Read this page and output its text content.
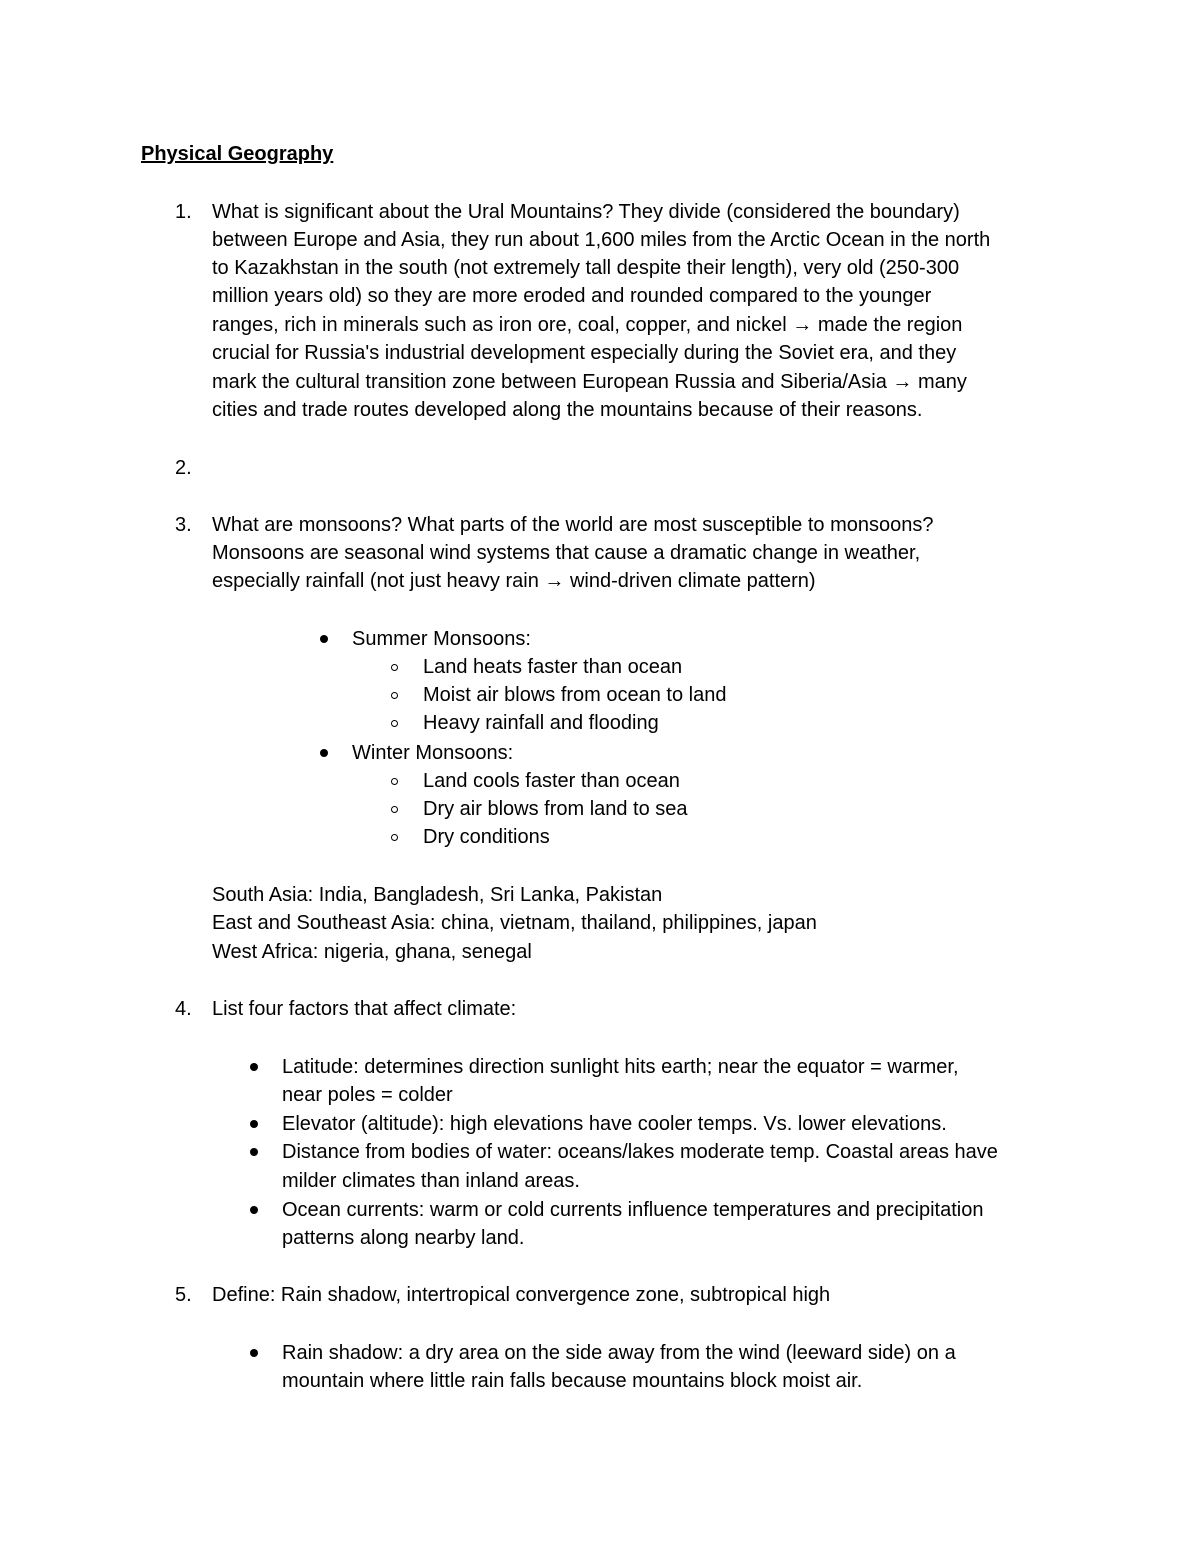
Physical Geography
1. What is significant about the Ural Mountains? They divide (considered the boundary)
between Europe and Asia, they run about 1,600 miles from the Arctic Ocean in the north
to Kazakhstan in the south (not extremely tall despite their length), very old (250-300
million years old) so they are more eroded and rounded compared to the younger
ranges, rich in minerals such as iron ore, coal, copper, and nickel → made the region
crucial for Russia's industrial development especially during the Soviet era, and they
mark the cultural transition zone between European Russia and Siberia/Asia → many
cities and trade routes developed along the mountains because of their reasons.
2.
3. What are monsoons? What parts of the world are most susceptible to monsoons?
Monsoons are seasonal wind systems that cause a dramatic change in weather,
especially rainfall (not just heavy rain → wind-driven climate pattern)
Summer Monsoons:
Land heats faster than ocean
Moist air blows from ocean to land
Heavy rainfall and flooding
Winter Monsoons:
Land cools faster than ocean
Dry air blows from land to sea
Dry conditions
South Asia: India, Bangladesh, Sri Lanka, Pakistan
East and Southeast Asia: china, vietnam, thailand, philippines, japan
West Africa: nigeria, ghana, senegal
4. List four factors that affect climate:
Latitude: determines direction sunlight hits earth; near the equator = warmer,
near poles = colder
Elevator (altitude): high elevations have cooler temps. Vs. lower elevations.
Distance from bodies of water: oceans/lakes moderate temp. Coastal areas have
milder climates than inland areas.
Ocean currents: warm or cold currents influence temperatures and precipitation
patterns along nearby land.
5. Define: Rain shadow, intertropical convergence zone, subtropical high
Rain shadow: a dry area on the side away from the wind (leeward side) on a
mountain where little rain falls because mountains block moist air.
